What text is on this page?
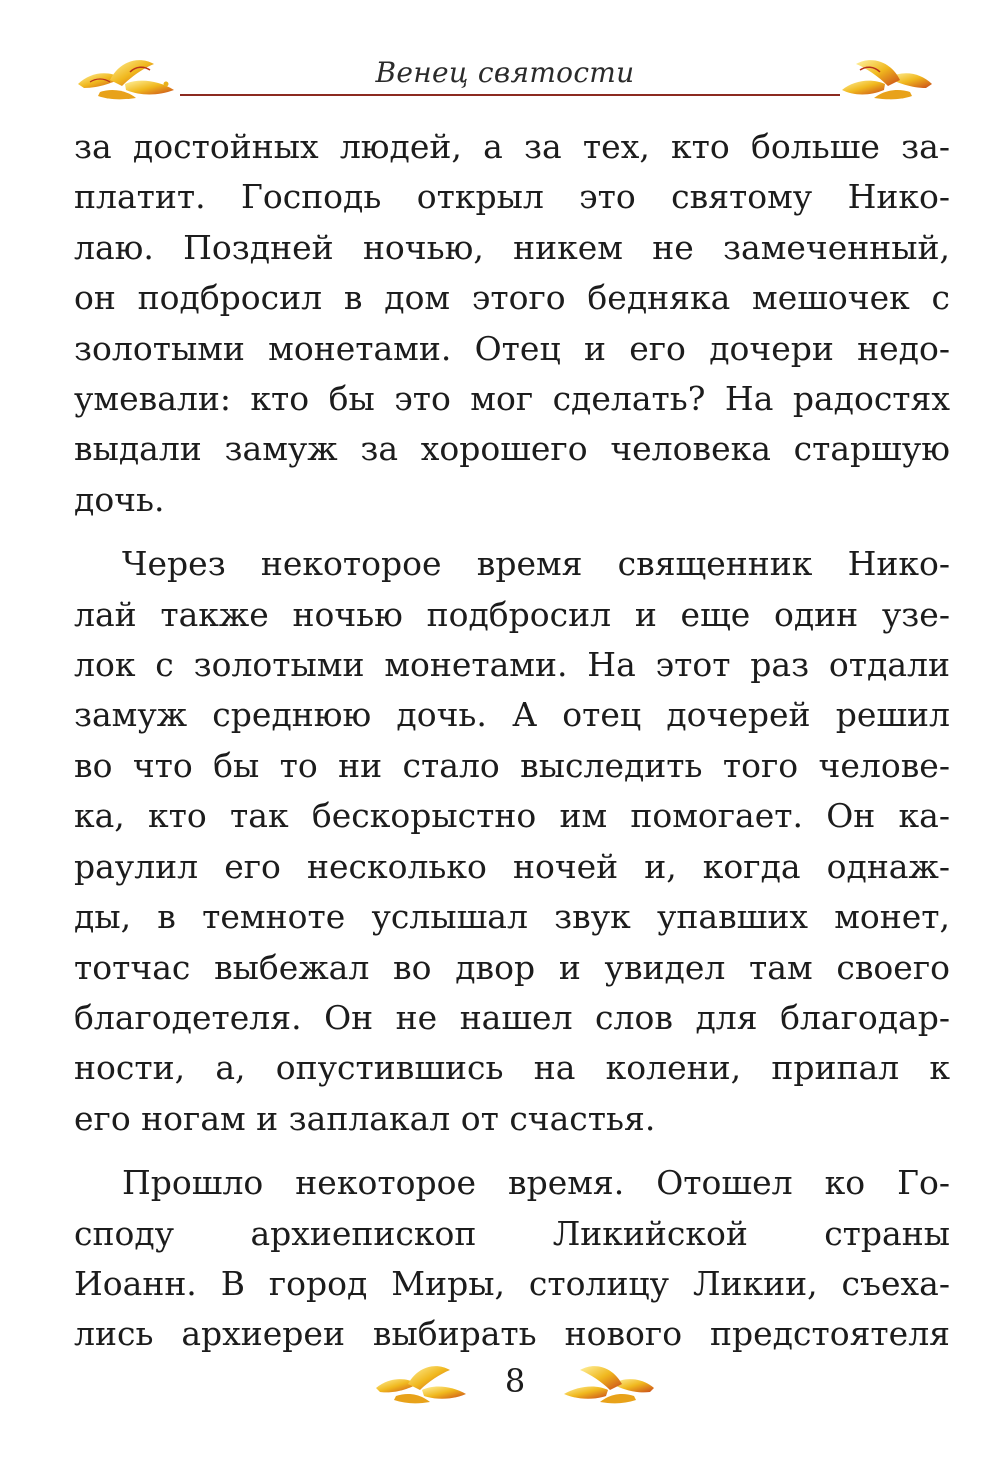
Венец святости

за достойных людей, а за тех, кто больше за-
платит. Господь открыл это святому Нико-
лаю. Поздней ночью, никем не замеченный,
он подбросил в дом этого бедняка мешочек с
золотыми монетами. Отец и его дочери недо-
умевали: кто бы это мог сделать? На радостях
выдали замуж за хорошего человека старшую
дочь.

Через некоторое время священник Нико-
лай также ночью подбросил и еще один узе-
лок с золотыми монетами. На этот раз отдали
замуж среднюю дочь. А отец дочерей решил
во что бы то ни стало выследить того челове-
ка, кто так бескорыстно им помогает. Он ка-
раулил его несколько ночей и, когда однаж-
ды, в темноте услышал звук упавших монет,
тотчас выбежал во двор и увидел там своего
благодетеля. Он не нашел слов для благодар-
ности, а, опустившись на колени, припал к
его ногам и заплакал от счастья.

Прошло некоторое время. Отошел ко Го-
споду архиепископ Ликийской страны
Иоанн. В город Миры, столицу Ликии, съеха-
лись архиереи выбирать нового предстоятеля

8
